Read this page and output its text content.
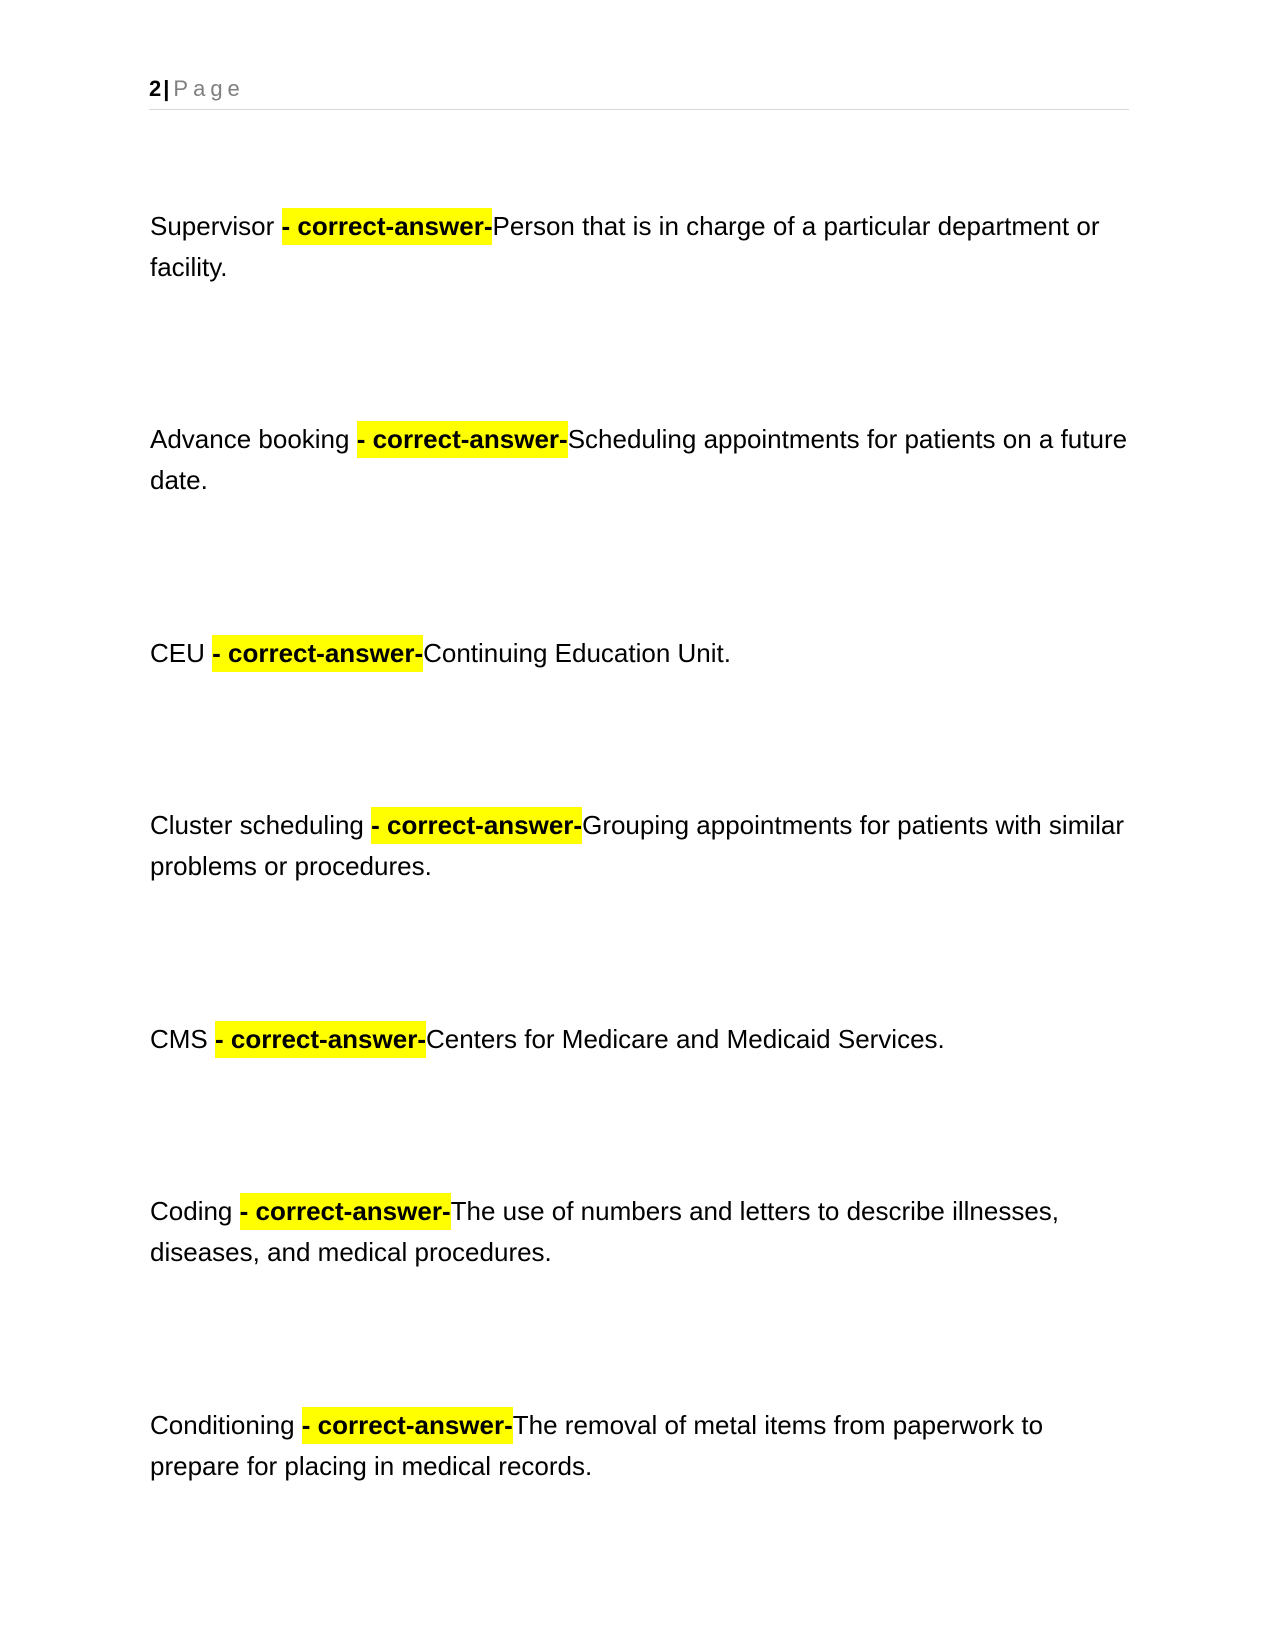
2| Page

Supervisor - correct-answer-Person that is in charge of a particular department or facility.

Advance booking - correct-answer-Scheduling appointments for patients on a future date.

CEU - correct-answer-Continuing Education Unit.

Cluster scheduling - correct-answer-Grouping appointments for patients with similar problems or procedures.

CMS - correct-answer-Centers for Medicare and Medicaid Services.

Coding - correct-answer-The use of numbers and letters to describe illnesses, diseases, and medical procedures.

Conditioning - correct-answer-The removal of metal items from paperwork to prepare for placing in medical records.
